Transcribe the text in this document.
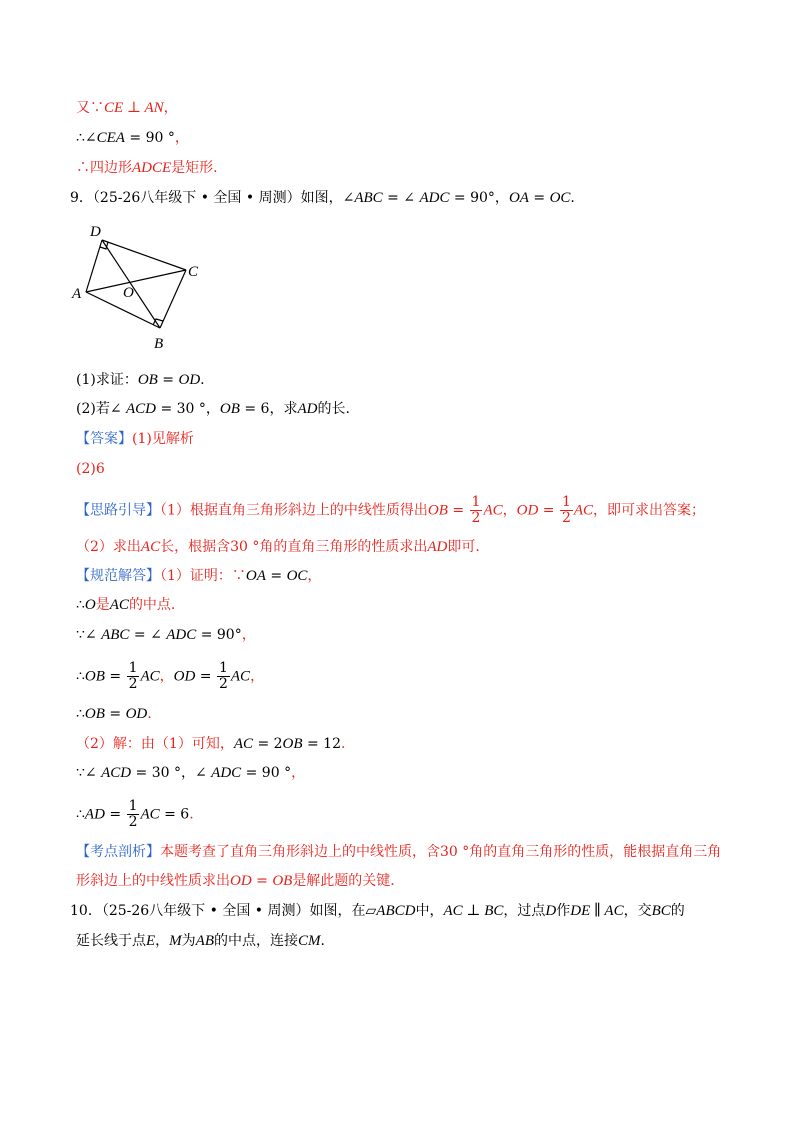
又∵CE ⊥ AN，
∴∠CEA = 90 °，
∴四边形ADCE是矩形.
9．（25-26八年级下 • 全国 • 周测）如图，∠ABC = ∠ ADC = 90°，OA = OC.
D
C
A	O
B
(1)求证：OB = OD.
(2)若∠ ACD = 30 °，OB = 6，求AD的长.
【答案】(1)见解析
(2)6
【思路引导】（1）根据直角三角形斜边上的中线性质得出OB = $\frac{1}{2}$ AC，OD = $\frac{1}{2}$ AC，即可求出答案；
（2）求出AC长，根据含30 °角的直角三角形的性质求出AD即可.
【规范解答】（1）证明：∵OA = OC，
∴O是AC的中点.
∵∠ ABC = ∠ ADC = 90°，
∴OB = $\frac{1}{2}$ AC，OD = $\frac{1}{2}$ AC，
∴OB = OD.
（2）解：由（1）可知，AC = 2OB = 12.
∵∠ ACD = 30 °，∠ ADC = 90 °，
∴AD = $\frac{1}{2}$ AC = 6.
【考点剖析】本题考查了直角三角形斜边上的中线性质，含30 °角的直角三角形的性质，能根据直角三角
形斜边上的中线性质求出OD = OB是解此题的关键.
10．（25-26八年级下 • 全国 • 周测）如图，在▱ABCD中，AC ⊥ BC，过点D作DE ∥ AC，交BC的
延长线于点E，M为AB的中点，连接CM.
